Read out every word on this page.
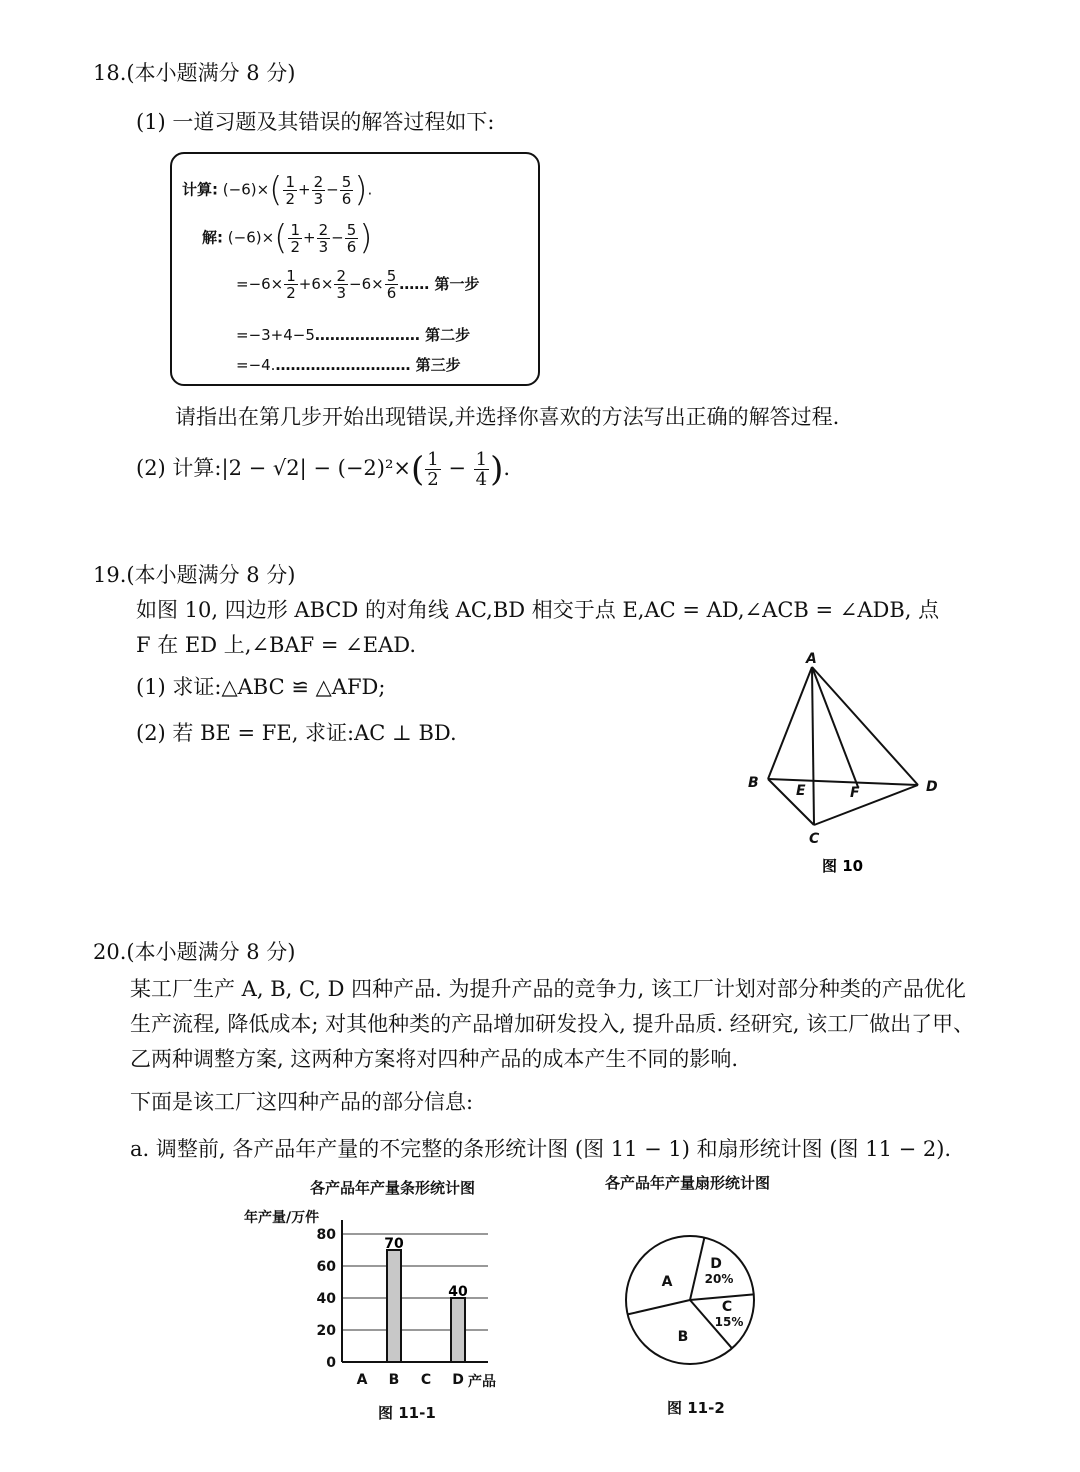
18.(本小题满分 8 分)
(1) 一道习题及其错误的解答过程如下:
计算: $(-6)\times( \frac{1}{2} + \frac{2}{3} - \frac{5}{6}$ ).
解: $(-6)\times( \frac{1}{2} + \frac{2}{3} - \frac{5}{6}$ )
$=-6\times \frac{1}{2} +6\times \frac{2}{3} -6\times \frac{5}{6}$ …… 第一步
=−3+4−5………………… 第二步
=−4.……………………… 第三步
请指出在第几步开始出现错误,并选择你喜欢的方法写出正确的解答过程.
(2) 计算:|2 − $√2| - (-2)^2\times( \frac{1}{2} - \frac{1}{4}$ ).
19.(本小题满分 8 分)
如图 10, 四边形 ABCD 的对角线 AC,BD 相交于点 E,AC = AD,∠ACB = ∠ADB, 点
F 在 ED 上,∠BAF = ∠EAD.
(1) 求证:△ABC ≌ △AFD;
(2) 若 BE = FE, 求证:AC ⊥ BD.
A
B
C
D
E	F
图 10
20.(本小题满分 8 分)
某工厂生产 A, B, C, D 四种产品. 为提升产品的竞争力, 该工厂计划对部分种类的产品优化生产流程, 降低成本; 对其他种类的产品增加研发投入, 提升品质. 经研究, 该工厂做出了甲、乙两种调整方案, 这两种方案将对四种产品的成本产生不同的影响.
下面是该工厂这四种产品的部分信息:
a. 调整前, 各产品年产量的不完整的条形统计图 (图 11 − 1) 和扇形统计图 (图 11 − 2).
各产品年产量条形统计图
年产量/万件
0
20
40
60
80
70
40
A B C D 产品
图 11-1
各产品年产量扇形统计图
A
B
C
15%
D
20%
图 11-2
